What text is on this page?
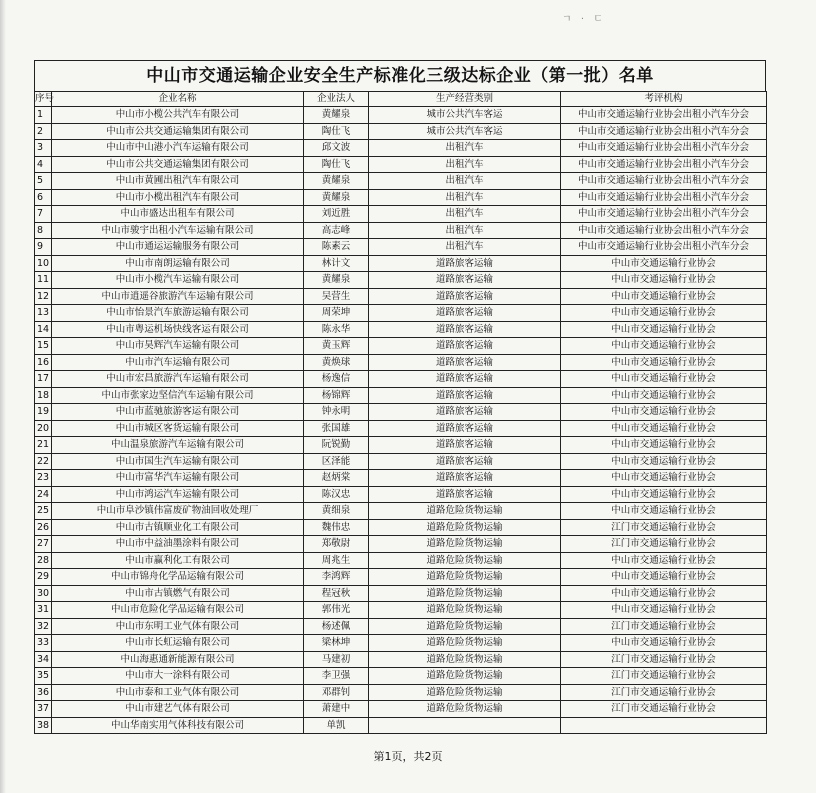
ㄱ · ㄷ
中山市交通运输企业安全生产标准化三级达标企业（第一批）名单
序号	企业名称	企业法人	生产经营类别	考评机构
1	中山市小榄公共汽车有限公司	黄耀泉	城市公共汽车客运	中山市交通运输行业协会出租小汽车分会
2	中山市公共交通运输集团有限公司	陶仕飞	城市公共汽车客运	中山市交通运输行业协会出租小汽车分会
3	中山市中山港小汽车运输有限公司	邱文波	出租汽车	中山市交通运输行业协会出租小汽车分会
4	中山市公共交通运输集团有限公司	陶仕飞	出租汽车	中山市交通运输行业协会出租小汽车分会
5	中山市黄圃出租汽车有限公司	黄耀泉	出租汽车	中山市交通运输行业协会出租小汽车分会
6	中山市小榄出租汽车有限公司	黄耀泉	出租汽车	中山市交通运输行业协会出租小汽车分会
7	中山市盛达出租车有限公司	刘近胜	出租汽车	中山市交通运输行业协会出租小汽车分会
8	中山市骏宇出租小汽车运输有限公司	高志峰	出租汽车	中山市交通运输行业协会出租小汽车分会
9	中山市通运运输服务有限公司	陈素云	出租汽车	中山市交通运输行业协会出租小汽车分会
10	中山市南朗运输有限公司	林计文	道路旅客运输	中山市交通运输行业协会
11	中山市小榄汽车运输有限公司	黄耀泉	道路旅客运输	中山市交通运输行业协会
12	中山市逍遥谷旅游汽车运输有限公司	吴营生	道路旅客运输	中山市交通运输行业协会
13	中山市怡景汽车旅游运输有限公司	周荣坤	道路旅客运输	中山市交通运输行业协会
14	中山市粤运机场快线客运有限公司	陈永华	道路旅客运输	中山市交通运输行业协会
15	中山市昊辉汽车运输有限公司	黄玉辉	道路旅客运输	中山市交通运输行业协会
16	中山市汽车运输有限公司	黄焕球	道路旅客运输	中山市交通运输行业协会
17	中山市宏昌旅游汽车运输有限公司	杨逸信	道路旅客运输	中山市交通运输行业协会
18	中山市张家边坚信汽车运输有限公司	杨锦辉	道路旅客运输	中山市交通运输行业协会
19	中山市蓝驰旅游客运有限公司	钟永明	道路旅客运输	中山市交通运输行业协会
20	中山市城区客货运输有限公司	张国雄	道路旅客运输	中山市交通运输行业协会
21	中山温泉旅游汽车运输有限公司	阮锐勤	道路旅客运输	中山市交通运输行业协会
22	中山市国生汽车运输有限公司	区泽能	道路旅客运输	中山市交通运输行业协会
23	中山市富华汽车运输有限公司	赵炳棠	道路旅客运输	中山市交通运输行业协会
24	中山市鸿运汽车运输有限公司	陈汉忠	道路旅客运输	中山市交通运输行业协会
25	中山市阜沙镇伟富废矿物油回收处理厂	黄细泉	道路危险货物运输	中山市交通运输行业协会
26	中山市古镇顺业化工有限公司	魏伟忠	道路危险货物运输	江门市交通运输行业协会
27	中山市中益油墨涂料有限公司	郑敬尉	道路危险货物运输	江门市交通运输行业协会
28	中山市赢利化工有限公司	周兆生	道路危险货物运输	中山市交通运输行业协会
29	中山市锦舟化学品运输有限公司	李鸿辉	道路危险货物运输	中山市交通运输行业协会
30	中山市古镇燃气有限公司	程冠秋	道路危险货物运输	中山市交通运输行业协会
31	中山市危险化学品运输有限公司	郭伟光	道路危险货物运输	中山市交通运输行业协会
32	中山市东明工业气体有限公司	杨述佩	道路危险货物运输	江门市交通运输行业协会
33	中山市长虹运输有限公司	梁林坤	道路危险货物运输	中山市交通运输行业协会
34	中山海惠通新能源有限公司	马建初	道路危险货物运输	江门市交通运输行业协会
35	中山市大一涂料有限公司	李卫强	道路危险货物运输	江门市交通运输行业协会
36	中山市泰和工业气体有限公司	邓群钊	道路危险货物运输	江门市交通运输行业协会
37	中山市建艺气体有限公司	萧建中	道路危险货物运输	江门市交通运输行业协会
38	中山华南实用气体科技有限公司	单凯		
第1页，共2页
